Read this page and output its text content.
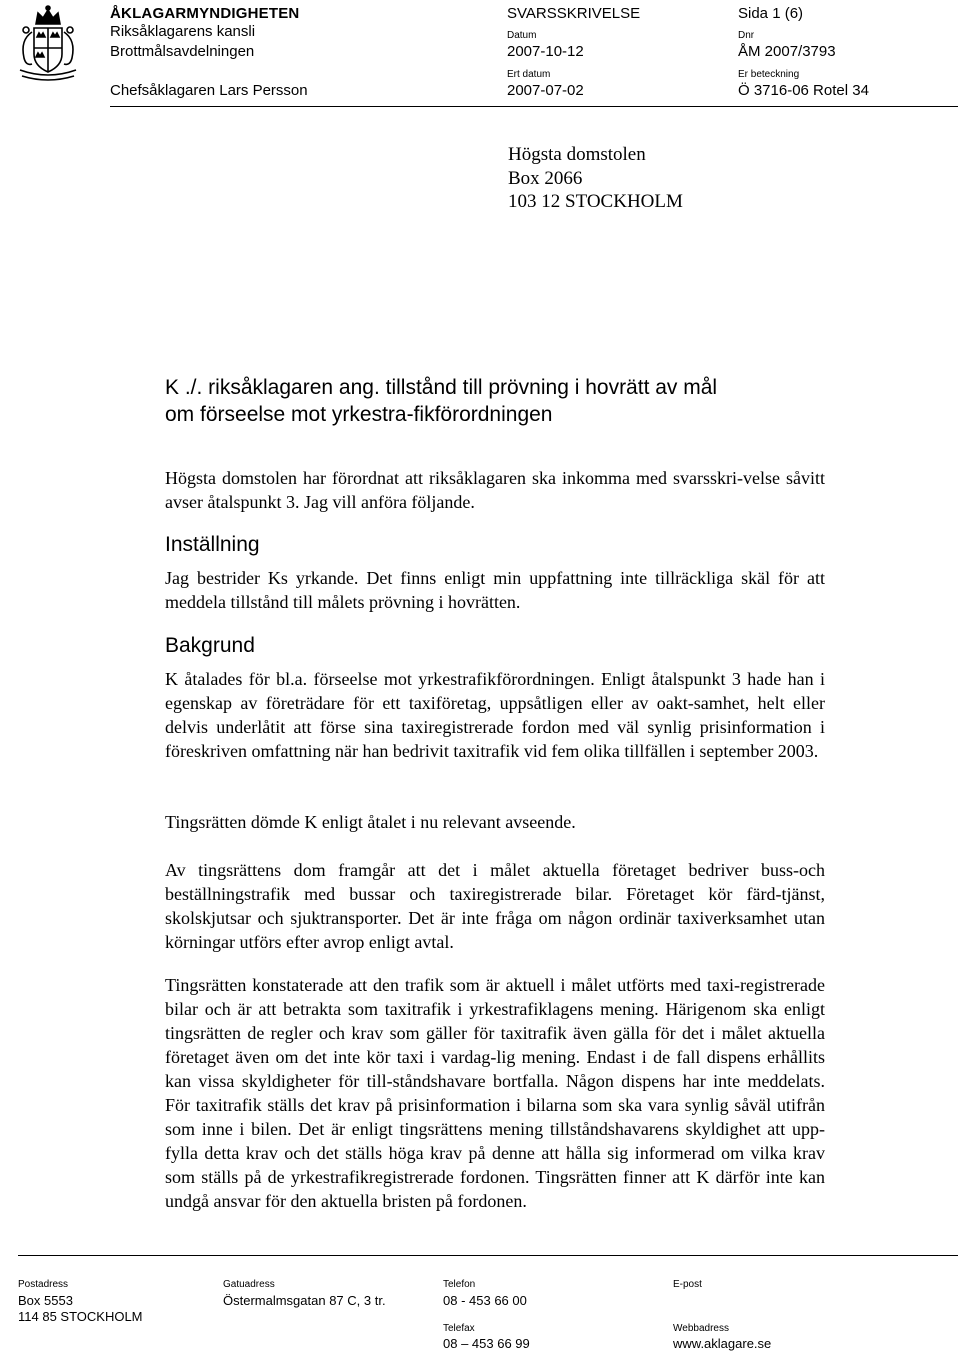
ÅKLAGARMYNDIGHETEN
Riksåklagarens kansli
Brottmålsavdelningen
Chefsåklagaren Lars Persson
SVARSSKRIVELSE
Datum
2007-10-12
Ert datum
2007-07-02
Sida 1 (6)
Dnr
ÅM 2007/3793
Er beteckning
Ö 3716-06 Rotel 34
Högsta domstolen
Box 2066
103 12 STOCKHOLM
K ./. riksåklagaren ang. tillstånd till prövning i hovrätt av mål om förseelse mot yrkestra-fikförordningen
Högsta domstolen har förordnat att riksåklagaren ska inkomma med svarsskri-velse såvitt avser åtalspunkt 3. Jag vill anföra följande.
Inställning
Jag bestrider Ks yrkande. Det finns enligt min uppfattning inte tillräckliga skäl för att meddela tillstånd till målets prövning i hovrätten.
Bakgrund
K åtalades för bl.a. förseelse mot yrkestrafikförordningen. Enligt åtalspunkt 3 hade han i egenskap av företrädare för ett taxiföretag, uppsåtligen eller av oakt-samhet, helt eller delvis underlåtit att förse sina taxiregistrerade fordon med väl synlig prisinformation i föreskriven omfattning när han bedrivit taxitrafik vid fem olika tillfällen i september 2003.
Tingsrätten dömde K enligt åtalet i nu relevant avseende.
Av tingsrättens dom framgår att det i målet aktuella företaget bedriver buss-och beställningstrafik med bussar och taxiregistrerade bilar. Företaget kör färd-tjänst, skolskjutsar och sjuktransporter. Det är inte fråga om någon ordinär taxiverksamhet utan körningar utförs efter avrop enligt avtal.
Tingsrätten konstaterade att den trafik som är aktuell i målet utförts med taxi-registrerade bilar och är att betrakta som taxitrafik i yrkestrafiklagens mening. Härigenom ska enligt tingsrätten de regler och krav som gäller för taxitrafik även gälla för det i målet aktuella företaget även om det inte kör taxi i vardag-lig mening. Endast i de fall dispens erhållits kan vissa skyldigheter för till-ståndshavare bortfalla. Någon dispens har inte meddelats. För taxitrafik ställs det krav på prisinformation i bilarna som ska vara synlig såväl utifrån som inne i bilen. Det är enligt tingsrättens mening tillståndshavarens skyldighet att upp-fylla detta krav och det ställs höga krav på denne att hålla sig informerad om vilka krav som ställs på de yrkestrafikregistrerade fordonen. Tingsrätten finner att K därför inte kan undgå ansvar för den aktuella bristen på fordonen.
Postadress
Box 5553
114 85 STOCKHOLM
Gatuadress
Östermalmsgatan 87 C, 3 tr.
Telefon
08 - 453 66 00
Telefax
08 – 453 66 99
E-post
Webbadress
www.aklagare.se
